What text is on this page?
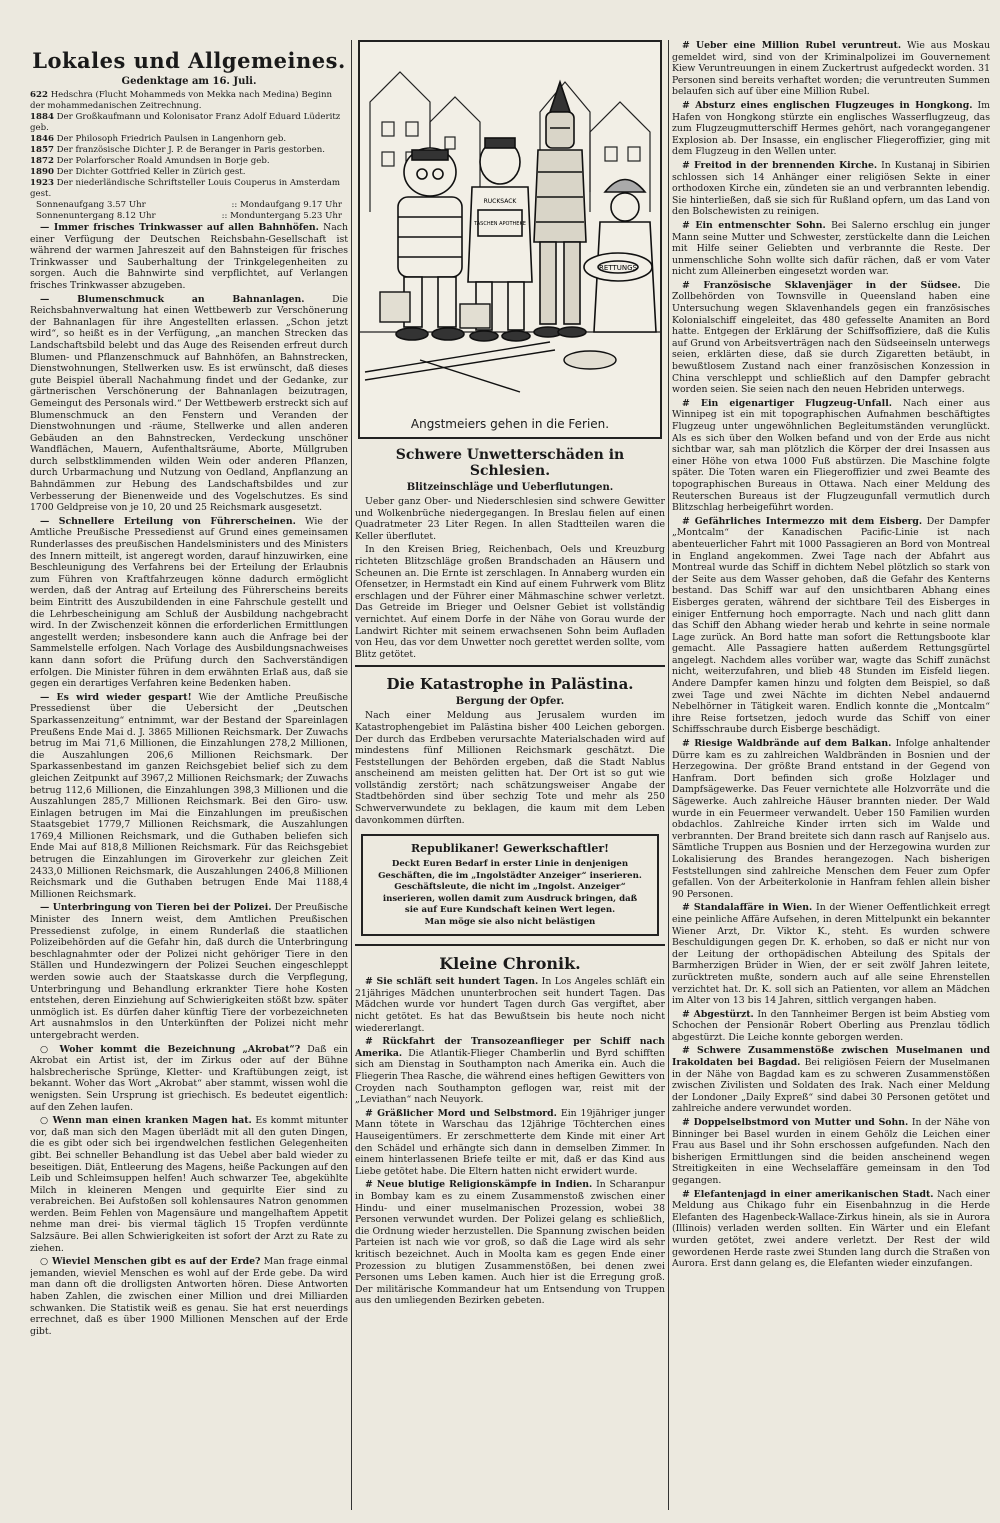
Lokales und Allgemeines.
Gedenktage am 16. Juli.
622 Hedschra (Flucht Mohammeds von Mekka nach Medina) Beginn der mohammedanischen Zeitrechnung.
1884 Der Großkaufmann und Kolonisator Franz Adolf Eduard Lüderitz geb.
1846 Der Philosoph Friedrich Paulsen in Langenhorn geb.
1857 Der französische Dichter J. P. de Beranger in Paris gestorben.
1872 Der Polarforscher Roald Amundsen in Borje geb.
1890 Der Dichter Gottfried Keller in Zürich gest.
1923 Der niederländische Schriftsteller Louis Couperus in Amsterdam gest.
Sonnenaufgang 3.57 Uhr	:: Mondaufgang 9.17 Uhr
Sonnenuntergang 8.12 Uhr	:: Monduntergang 5.23 Uhr

— Immer frisches Trinkwasser auf allen Bahnhöfen. Nach einer Verfügung der Deutschen Reichsbahn-Gesellschaft ist während der warmen Jahreszeit auf den Bahnsteigen für frisches Trinkwasser und Sauberhaltung der Trinkgelegenheiten zu sorgen. Auch die Bahnwirte sind verpflichtet, auf Verlangen frisches Trinkwasser abzugeben.

— Blumenschmuck an Bahnanlagen.	Die Reichsbahnverwaltung hat einen Wettbewerb zur Verschönerung der Bahnanlagen für ihre Angestellten erlassen. „Schon jetzt wird“, so heißt es in der Verfügung, „an manchen Strecken das Landschaftsbild belebt und das Auge des Reisenden erfreut durch Blumen- und Pflanzenschmuck auf Bahnhöfen, an Bahnstrecken, Dienstwohnungen, Stellwerken usw. Es ist erwünscht, daß dieses gute Beispiel überall Nachahmung findet und der Gedanke, zur gärtnerischen Verschönerung der Bahnanlagen beizutragen, Gemeingut des Personals wird.“ Der Wettbewerb erstreckt sich auf Blumenschmuck an den Fenstern und Veranden der Dienstwohnungen und -räume, Stellwerke und allen anderen Gebäuden an den Bahnstrecken, Verdeckung unschöner Wandflächen, Mauern, Aufenthaltsräume, Aborte, Müllgruben durch selbstklimmenden wilden Wein oder anderen Pflanzen, durch Urbarmachung und Nutzung von Oedland, Anpflanzung an Bahndämmen zur Hebung des Landschaftsbildes und zur Verbesserung der Bienenweide und des Vogelschutzes. Es sind 1700 Geldpreise von je 10, 20 und 25 Reichsmark ausgesetzt.

— Schnellere Erteilung von Führerscheinen. Wie der Amtliche Preußische Pressedienst auf Grund eines gemeinsamen Runderlasses des preußischen Handelsministers und des Ministers des Innern mitteilt, ist angeregt worden, darauf hinzuwirken, eine Beschleunigung des Verfahrens bei der Erteilung der Erlaubnis zum Führen von Kraftfahrzeugen könne dadurch ermöglicht werden, daß der Antrag auf Erteilung des Führerscheins bereits beim Eintritt des Auszubildenden in eine Fahrschule gestellt und die Lehrbescheinigung am Schluß der Ausbildung nachgebracht wird. In der Zwischenzeit können die erforderlichen Ermittlungen angestellt werden; insbesondere kann auch die Anfrage bei der Sammelstelle erfolgen. Nach Vorlage des Ausbildungsnachweises kann dann sofort die Prüfung durch den Sachverständigen erfolgen. Die Minister führen in dem erwähnten Erlaß aus, daß sie gegen ein derartiges Verfahren keine Bedenken haben.

— Es wird wieder gespart! Wie der Amtliche Preußische Pressedienst über die Uebersicht der „Deutschen Sparkassenzeitung“ entnimmt, war der Bestand der Spareinlagen Preußens Ende Mai d. J. 3865 Millionen Reichsmark. Der Zuwachs betrug im Mai 71,6 Millionen, die Einzahlungen 278,2 Millionen, die Auszahlungen 206,6 Millionen Reichsmark. Der Sparkassenbestand im ganzen Reichsgebiet belief sich zu dem gleichen Zeitpunkt auf 3967,2 Millionen Reichsmark; der Zuwachs betrug 112,6 Millionen, die Einzahlungen 398,3 Millionen und die Auszahlungen 285,7 Millionen Reichsmark. Bei den Giro- usw. Einlagen betrugen im Mai die Einzahlungen im preußischen Staatsgebiet 1779,7 Millionen Reichsmark, die Auszahlungen 1769,4 Millionen Reichsmark, und die Guthaben beliefen sich Ende Mai auf 818,8 Millionen Reichsmark. Für das Reichsgebiet betrugen die Einzahlungen im Giroverkehr zur gleichen Zeit 2433,0 Millionen Reichsmark, die Auszahlungen 2406,8 Millionen Reichsmark und die Guthaben betrugen Ende Mai 1188,4 Millionen Reichsmark.

— Unterbringung von Tieren bei der Polizei. Der Preußische Minister des Innern weist, dem Amtlichen Preußischen Pressedienst zufolge, in einem Runderlaß die staatlichen Polizeibehörden auf die Gefahr hin, daß durch die Unterbringung beschlagnahmter oder der Polizei nicht gehöriger Tiere in den Ställen und Hundezwingern der Polizei Seuchen eingeschleppt werden sowie auch der Staatskasse durch die Verpflegung, Unterbringung und Behandlung erkrankter Tiere hohe Kosten entstehen, deren Einziehung auf Schwierigkeiten stößt bzw. später unmöglich ist. Es dürfen daher künftig Tiere der vorbezeichneten Art ausnahmslos in den Unterkünften der Polizei nicht mehr untergebracht werden.

○ Woher kommt die Bezeichnung „Akrobat“? Daß ein Akrobat ein Artist ist, der im Zirkus oder auf der Bühne halsbrecherische Sprünge, Kletter- und Kraftübungen zeigt, ist bekannt. Woher das Wort „Akrobat“ aber stammt, wissen wohl die wenigsten. Sein Ursprung ist griechisch. Es bedeutet eigentlich: auf den Zehen laufen.

○ Wenn man einen kranken Magen hat. Es kommt mitunter vor, daß man sich den Magen überlädt mit all den guten Dingen, die es gibt oder sich bei irgendwelchen festlichen Gelegenheiten gibt. Bei schneller Behandlung ist das Uebel aber bald wieder zu beseitigen. Diät, Entleerung des Magens, heiße Packungen auf den Leib und Schleimsuppen helfen! Auch schwarzer Tee, abgekühlte Milch in kleineren Mengen und gequirlte Eier sind zu verabreichen. Bei Aufstoßen soll kohlensaures Natron genommen werden. Beim Fehlen von Magensäure und mangelhaftem Appetit nehme man drei- bis viermal täglich 15 Tropfen verdünnte Salzsäure. Bei allen Schwierigkeiten ist sofort der Arzt zu Rate zu ziehen.

○ Wieviel Menschen gibt es auf der Erde? Man frage einmal jemanden, wieviel Menschen es wohl auf der Erde gebe. Da wird man dann oft die drolligsten Antworten hören. Diese Antworten haben Zahlen, die zwischen einer Million und drei Milliarden schwanken. Die Statistik weiß es genau. Sie hat erst neuerdings errechnet, daß es über 1900 Millionen Menschen auf der Erde gibt.

RUCKSACK
TASCHEN APOTHEKE
RETTUNGS
Angstmeiers gehen in die Ferien.
Schwere Unwetterschäden in Schlesien.
Blitzeinschläge und Ueberflutungen.

Ueber ganz Ober- und Niederschlesien sind schwere Gewitter und Wolkenbrüche niedergegangen. In Breslau fielen auf einen Quadratmeter 23 Liter Regen. In allen Stadtteilen waren die Keller überflutet.

In den Kreisen Brieg, Reichenbach, Oels und Kreuzburg richteten Blitzschläge großen Brandschaden an Häusern und Scheunen an. Die Ernte ist zerschlagen. In Annaberg wurden ein Ofensetzer, in Hermstadt ein Kind auf einem Fuhrwerk vom Blitz erschlagen und der Führer einer Mähmaschine schwer verletzt. Das Getreide im Brieger und Oelsner Gebiet ist vollständig vernichtet. Auf einem Dorfe in der Nähe von Gorau wurde der Landwirt Richter mit seinem erwachsenen Sohn beim Aufladen von Heu, das vor dem Unwetter noch gerettet werden sollte, vom Blitz getötet.

Die Katastrophe in Palästina.
Bergung der Opfer.

Nach einer Meldung aus Jerusalem wurden im Katastrophengebiet im Palästina bisher 400 Leichen geborgen. Der durch das Erdbeben verursachte Materialschaden wird auf mindestens fünf Millionen Reichsmark geschätzt. Die Feststellungen der Behörden ergeben, daß die Stadt Nablus anscheinend am meisten gelitten hat. Der Ort ist so gut wie vollständig zerstört; nach schätzungsweiser Angabe der Stadtbehörden sind über sechzig Tote und mehr als 250 Schwerverwundete zu beklagen, die kaum mit dem Leben davonkommen dürften.

Republikaner! Gewerkschaftler!
Deckt Euren Bedarf in erster Linie in denjenigen
Geschäften, die im „Ingolstädter Anzeiger“ inserieren.
Geschäftsleute, die nicht im „Ingolst. Anzeiger“
inserieren, wollen damit zum Ausdruck bringen, daß
sie auf Eure Kundschaft keinen Wert legen.
Man möge sie also nicht belästigen
Kleine Chronik.

# Sie schläft seit hundert Tagen. In Los Angeles schläft ein 21jähriges Mädchen ununterbrochen seit hundert Tagen. Das Mädchen wurde vor hundert Tagen durch Gas vergiftet, aber nicht getötet. Es hat das Bewußtsein bis heute noch nicht wiedererlangt.

# Rückfahrt der Transozeanflieger per Schiff nach Amerika. Die Atlantik-Flieger Chamberlin und Byrd schifften sich am Dienstag in Southampton nach Amerika ein. Auch die Fliegerin Thea Rasche, die während eines heftigen Gewitters von Croyden nach Southampton geflogen war, reist mit der „Leviathan“ nach Neuyork.

# Gräßlicher Mord und Selbstmord. Ein 19jähriger junger Mann tötete in Warschau das 12jährige Töchterchen eines Hauseigentümers. Er zerschmetterte dem Kinde mit einer Art den Schädel und erhängte sich dann in demselben Zimmer. In einem hinterlassenen Briefe teilte er mit, daß er das Kind aus Liebe getötet habe. Die Eltern hatten nicht erwidert wurde.

# Neue blutige Religionskämpfe in Indien. In Scharanpur in Bombay kam es zu einem Zusammenstoß zwischen einer Hindu- und einer muselmanischen Prozession, wobei 38 Personen verwundet wurden. Der Polizei gelang es schließlich, die Ordnung wieder herzustellen. Die Spannung zwischen beiden Parteien ist nach wie vor groß, so daß die Lage wird als sehr kritisch bezeichnet. Auch in Moolta kam es gegen Ende einer Prozession zu blutigen Zusammenstößen, bei denen zwei Personen ums Leben kamen. Auch hier ist die Erregung groß. Der militärische Kommandeur hat um Entsendung von Truppen aus den umliegenden Bezirken gebeten.

# Ueber eine Million Rubel veruntreut. Wie aus Moskau gemeldet wird, sind von der Kriminalpolizei im Gouvernement Kiew Veruntreuungen in einem Zuckertrust aufgedeckt worden. 31 Personen sind bereits verhaftet worden; die veruntreuten Summen belaufen sich auf über eine Million Rubel.

# Absturz eines englischen Flugzeuges in Hongkong. Im Hafen von Hongkong stürzte ein englisches Wasserflugzeug, das zum Flugzeugmutterschiff Hermes gehört, nach vorangegangener Explosion ab. Der Insasse, ein englischer Fliegeroffizier, ging mit dem Flugzeug in den Wellen unter.

# Freitod in der brennenden Kirche. In Kustanaj in Sibirien schlossen sich 14 Anhänger einer religiösen Sekte in einer orthodoxen Kirche ein, zündeten sie an und verbrannten lebendig. Sie hinterließen, daß sie sich für Rußland opfern, um das Land von den Bolschewisten zu reinigen.

# Ein entmenschter Sohn. Bei Salerno erschlug ein junger Mann seine Mutter und Schwester, zerstückelte dann die Leichen mit Hilfe seiner Geliebten und verbrannte die Reste. Der unmenschliche Sohn wollte sich dafür rächen, daß er vom Vater nicht zum Alleinerben eingesetzt worden war.

# Französische Sklavenjäger in der Südsee. Die Zollbehörden von Townsville in Queensland haben eine Untersuchung wegen Sklavenhandels gegen ein französisches Kolonialschiff eingeleitet, das 480 gefesselte Anamiten an Bord hatte. Entgegen der Erklärung der Schiffsoffiziere, daß die Kulis auf Grund von Arbeitsverträgen nach den Südseeinseln unterwegs seien, erklärten diese, daß sie durch Zigaretten betäubt, in bewußtlosem Zustand nach einer französischen Konzession in China verschleppt und schließlich auf den Dampfer gebracht worden seien. Sie seien nach den neuen Hebriden unterwegs.

# Ein eigenartiger Flugzeug-Unfall. Nach einer aus Winnipeg ist ein mit topographischen Aufnahmen beschäftigtes Flugzeug unter ungewöhnlichen Begleitumständen verunglückt. Als es sich über den Wolken befand und von der Erde aus nicht sichtbar war, sah man plötzlich die Körper der drei Insassen aus einer Höhe von etwa 1000 Fuß abstürzen. Die Maschine folgte später. Die Toten waren ein Fliegeroffizier und zwei Beamte des topographischen Bureaus in Ottawa. Nach einer Meldung des Reuterschen Bureaus ist der Flugzeugunfall vermutlich durch Blitzschlag herbeigeführt worden.

# Gefährliches Intermezzo mit dem Eisberg. Der Dampfer „Montcalm“ der Kanadischen Pacific-Linie ist nach abenteuerlicher Fahrt mit 1000 Passagieren an Bord von Montreal in England angekommen. Zwei Tage nach der Abfahrt aus Montreal wurde das Schiff in dichtem Nebel plötzlich so stark von der Seite aus dem Wasser gehoben, daß die Gefahr des Kenterns bestand. Das Schiff war auf den unsichtbaren Abhang eines Eisberges geraten, während der sichtbare Teil des Eisberges in einiger Entfernung hoch emporragte. Nach und nach glitt dann das Schiff den Abhang wieder herab und kehrte in seine normale Lage zurück. An Bord hatte man sofort die Rettungsboote klar gemacht. Alle Passagiere hatten außerdem Rettungsgürtel angelegt. Nachdem alles vorüber war, wagte das Schiff zunächst nicht, weiterzufahren, und blieb 48 Stunden im Eisfeld liegen. Andere Dampfer kamen hinzu und folgten dem Beispiel, so daß zwei Tage und zwei Nächte im dichten Nebel andauernd Nebelhörner in Tätigkeit waren. Endlich konnte die „Montcalm“ ihre Reise fortsetzen, jedoch wurde das Schiff von einer Schiffsschraube durch Eisberge beschädigt.

# Riesige Waldbrände auf dem Balkan. Infolge anhaltender Dürre kam es zu zahlreichen Waldbränden in Bosnien und der Herzegowina. Der größte Brand entstand in der Gegend von Hanfram. Dort befinden sich große Holzlager und Dampfsägewerke. Das Feuer vernichtete alle Holzvorräte und die Sägewerke. Auch zahlreiche Häuser brannten nieder. Der Wald wurde in ein Feuermeer verwandelt. Ueber 150 Familien wurden obdachlos. Zahlreiche Kinder irrten sich im Walde und verbrannten. Der Brand breitete sich dann rasch auf Ranjselo aus. Sämtliche Truppen aus Bosnien und der Herzegowina wurden zur Lokalisierung des Brandes herangezogen. Nach bisherigen Feststellungen sind zahlreiche Menschen dem Feuer zum Opfer gefallen. Von der Arbeiterkolonie in Hanfram fehlen allein bisher 90 Personen.

# Standalaffäre in Wien. In der Wiener Oeffentlichkeit erregt eine peinliche Affäre Aufsehen, in deren Mittelpunkt ein bekannter Wiener Arzt, Dr. Viktor K., steht. Es wurden schwere Beschuldigungen gegen Dr. K. erhoben, so daß er nicht nur von der Leitung der orthopädischen Abteilung des Spitals der Barmherzigen Brüder in Wien, der er seit zwölf Jahren leitete, zurücktreten mußte, sondern auch auf alle seine Ehrenstellen verzichtet hat. Dr. K. soll sich an Patienten, vor allem an Mädchen im Alter von 13 bis 14 Jahren, sittlich vergangen haben.

# Abgestürzt. In den Tannheimer Bergen ist beim Abstieg vom Schochen der Pensionär Robert Oberling aus Prenzlau tödlich abgestürzt. Die Leiche konnte geborgen werden.

# Schwere Zusammenstöße zwischen Muselmanen und Irakoldaten bei Bagdad. Bei religiösen Feiern der Muselmanen in der Nähe von Bagdad kam es zu schweren Zusammenstößen zwischen Zivilisten und Soldaten des Irak. Nach einer Meldung der Londoner „Daily Expreß“ sind dabei 30 Personen getötet und zahlreiche andere verwundet worden.

# Doppelselbstmord von Mutter und Sohn. In der Nähe von Binninger bei Basel wurden in einem Gehölz die Leichen einer Frau aus Basel und ihr Sohn erschossen aufgefunden. Nach den bisherigen Ermittlungen sind die beiden anscheinend wegen Streitigkeiten in eine Wechselaffäre gemeinsam in den Tod gegangen.

# Elefantenjagd in einer amerikanischen Stadt. Nach einer Meldung aus Chikago fuhr ein Eisenbahnzug in die Herde Elefanten des Hagenbeck-Wallace-Zirkus hinein, als sie in Aurora (Illinois) verladen werden sollten. Ein Wärter und ein Elefant wurden getötet, zwei andere verletzt. Der Rest der wild gewordenen Herde raste zwei Stunden lang durch die Straßen von Aurora. Erst dann gelang es, die Elefanten wieder einzufangen.
